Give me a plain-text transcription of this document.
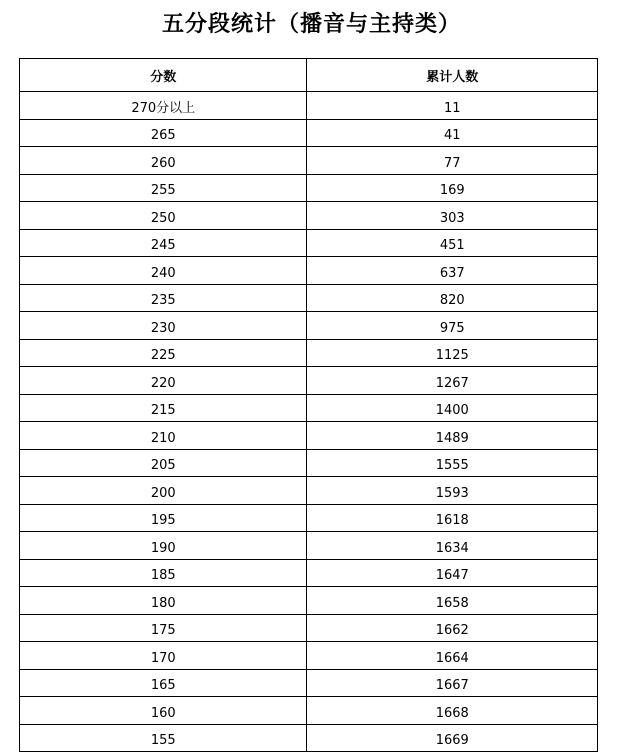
五分段统计（播音与主持类）
分数	累计人数
270分以上	11
265	41
260	77
255	169
250	303
245	451
240	637
235	820
230	975
225	1125
220	1267
215	1400
210	1489
205	1555
200	1593
195	1618
190	1634
185	1647
180	1658
175	1662
170	1664
165	1667
160	1668
155	1669
